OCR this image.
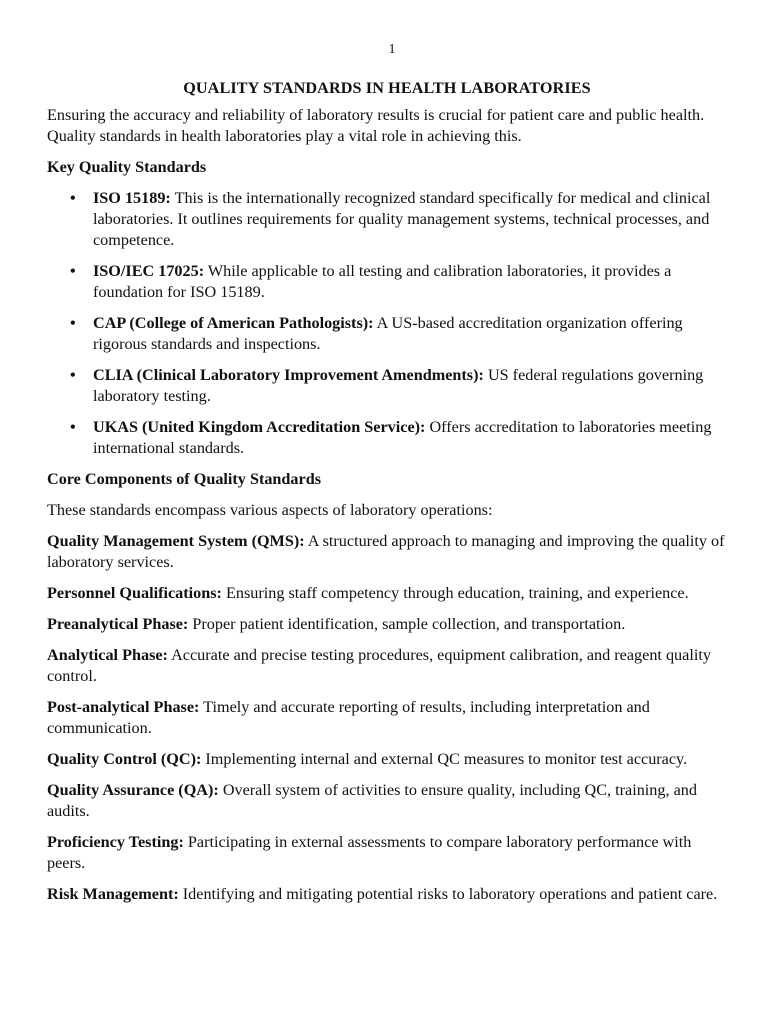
1
QUALITY STANDARDS IN HEALTH LABORATORIES

Ensuring the accuracy and reliability of laboratory results is crucial for patient care and public health. Quality standards in health laboratories play a vital role in achieving this.

Key Quality Standards
• ISO 15189: This is the internationally recognized standard specifically for medical and clinical laboratories. It outlines requirements for quality management systems, technical processes, and competence.
• ISO/IEC 17025: While applicable to all testing and calibration laboratories, it provides a foundation for ISO 15189.
• CAP (College of American Pathologists): A US-based accreditation organization offering rigorous standards and inspections.
• CLIA (Clinical Laboratory Improvement Amendments): US federal regulations governing laboratory testing.
• UKAS (United Kingdom Accreditation Service): Offers accreditation to laboratories meeting international standards.
Core Components of Quality Standards

These standards encompass various aspects of laboratory operations:

Quality Management System (QMS): A structured approach to managing and improving the quality of laboratory services.

Personnel Qualifications: Ensuring staff competency through education, training, and experience.

Preanalytical Phase: Proper patient identification, sample collection, and transportation.

Analytical Phase: Accurate and precise testing procedures, equipment calibration, and reagent quality control.

Post-analytical Phase: Timely and accurate reporting of results, including interpretation and communication.

Quality Control (QC): Implementing internal and external QC measures to monitor test accuracy.

Quality Assurance (QA): Overall system of activities to ensure quality, including QC, training, and audits.

Proficiency Testing: Participating in external assessments to compare laboratory performance with peers.

Risk Management: Identifying and mitigating potential risks to laboratory operations and patient care.
